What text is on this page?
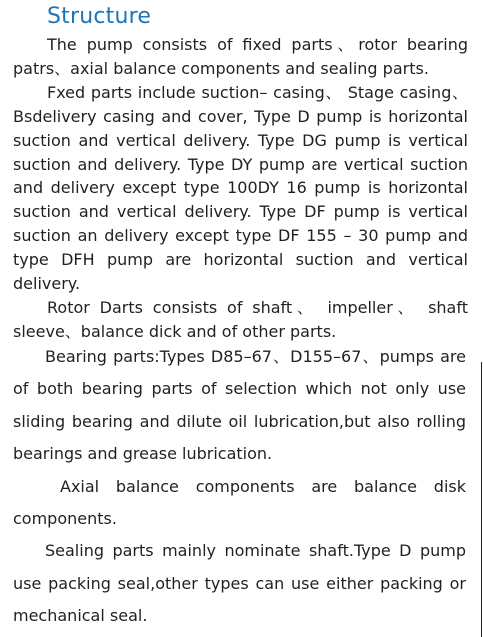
Structure

The pump consists of fixed parts、rotor bearing patrs、axial balance components and sealing parts.

Fxed parts include suction– casing、 Stage casing、Bsdelivery casing and cover, Type D pump is horizontal suction and vertical delivery. Type DG pump is vertical suction and delivery. Type DY pump are vertical suction and delivery except type 100DY 16 pump is horizontal suction and vertical delivery. Type DF pump is vertical suction an delivery except type DF 155 – 30 pump and type DFH pump are horizontal suction and vertical delivery.

Rotor Darts consists of shaft、 impeller、 shaft sleeve、balance dick and of other parts.

Bearing parts:Types D85–67、D155–67、pumps are of both bearing parts of selection which not only use sliding bearing and dilute oil lubrication,but also rolling bearings and grease lubrication.

Axial balance components are balance disk components.

Sealing parts mainly nominate shaft.Type D pump use packing seal,other types can use either packing or mechanical seal.
